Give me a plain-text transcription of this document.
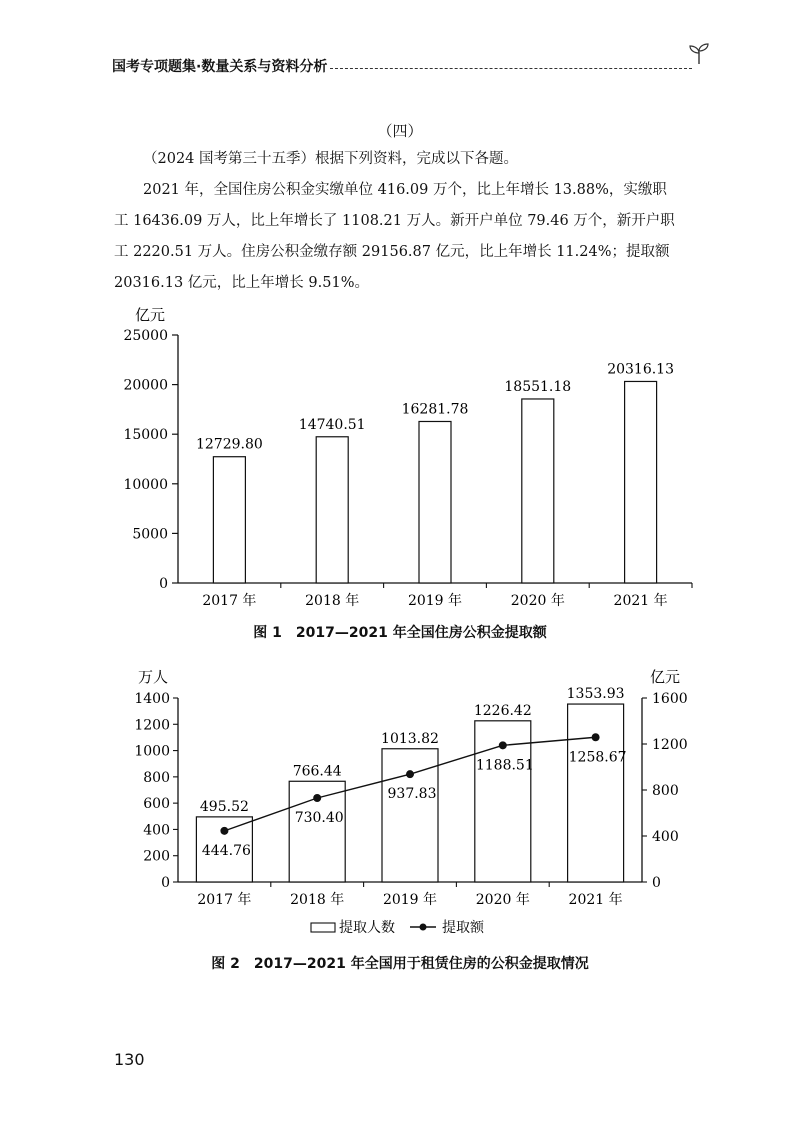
国考专项题集·数量关系与资料分析
（四）

（2024 国考第三十五季）根据下列资料，完成以下各题。

2021 年，全国住房公积金实缴单位 416.09 万个，比上年增长 13.88%，实缴职

工 16436.09 万人，比上年增长了 1108.21 万人。新开户单位 79.46 万个，新开户职

工 2220.51 万人。住房公积金缴存额 29156.87 亿元，比上年增长 11.24%；提取额

20316.13 亿元，比上年增长 9.51%。

亿元
0
5000
10000
15000
20000
25000
12729.80
2017 年
14740.51
2018 年
16281.78
2019 年
18551.18
2020 年
20316.13
2021 年
图 1　2017—2021 年全国住房公积金提取额
万人	亿元
0
200
400
600
800
1000
1200
1400
0
400
800
1200
1600
495.52
2017 年
766.44
2018 年
1013.82
2019 年
1226.42
2020 年
1353.93
2021 年
444.76
730.40
937.83
1188.51
1258.67
提取人数	提取额
图 2　2017—2021 年全国用于租赁住房的公积金提取情况
130
